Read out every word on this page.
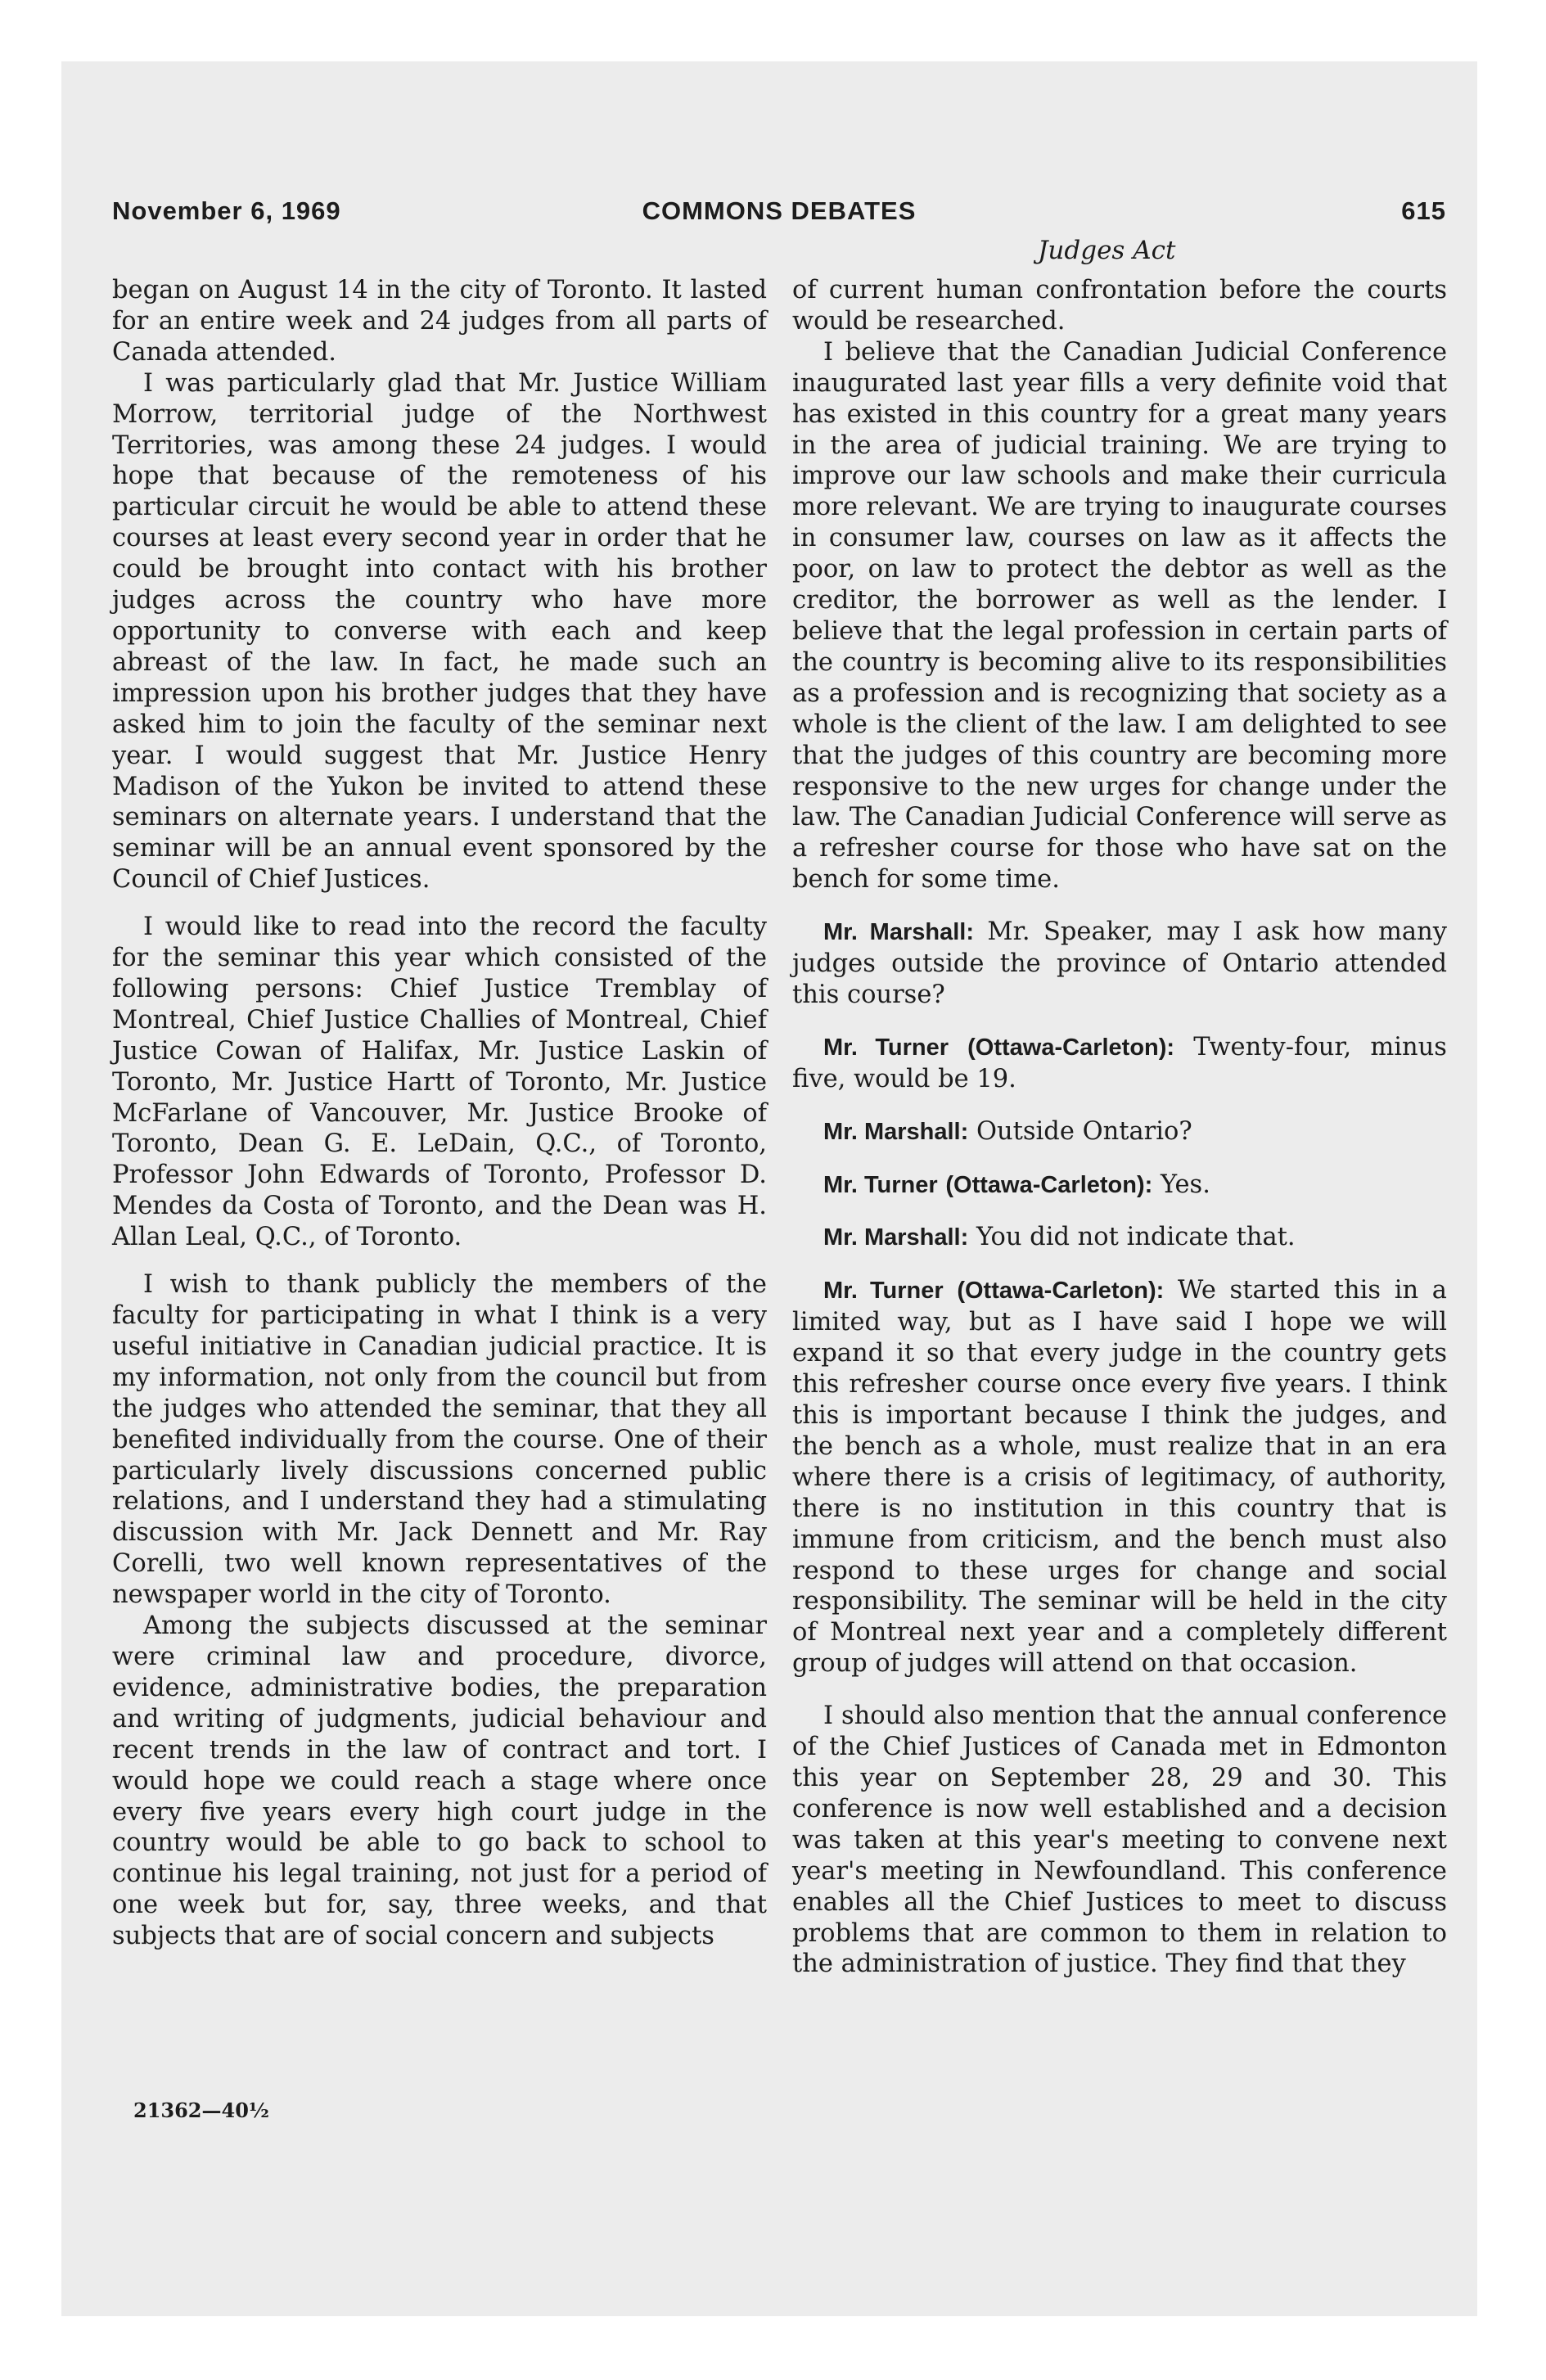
November 6, 1969	COMMONS DEBATES	615
Judges Act

began on August 14 in the city of Toronto. It lasted for an entire week and 24 judges from all parts of Canada attended.

I was particularly glad that Mr. Justice William Morrow, territorial judge of the Northwest Territories, was among these 24 judges. I would hope that because of the remoteness of his particular circuit he would be able to attend these courses at least every second year in order that he could be brought into contact with his brother judges across the country who have more opportunity to converse with each and keep abreast of the law. In fact, he made such an impression upon his brother judges that they have asked him to join the faculty of the seminar next year. I would suggest that Mr. Justice Henry Madison of the Yukon be invited to attend these seminars on alternate years. I understand that the seminar will be an annual event sponsored by the Council of Chief Justices.

I would like to read into the record the faculty for the seminar this year which consisted of the following persons: Chief Justice Tremblay of Montreal, Chief Justice Challies of Montreal, Chief Justice Cowan of Halifax, Mr. Justice Laskin of Toronto, Mr. Justice Hartt of Toronto, Mr. Justice McFarlane of Vancouver, Mr. Justice Brooke of Toronto, Dean G. E. LeDain, Q.C., of Toronto, Professor John Edwards of Toronto, Professor D. Mendes da Costa of Toronto, and the Dean was H. Allan Leal, Q.C., of Toronto.

I wish to thank publicly the members of the faculty for participating in what I think is a very useful initiative in Canadian judicial practice. It is my information, not only from the council but from the judges who attended the seminar, that they all benefited individually from the course. One of their particularly lively discussions concerned public relations, and I understand they had a stimulating discussion with Mr. Jack Dennett and Mr. Ray Corelli, two well known representatives of the newspaper world in the city of Toronto.

Among the subjects discussed at the seminar were criminal law and procedure, divorce, evidence, administrative bodies, the preparation and writing of judgments, judicial behaviour and recent trends in the law of contract and tort. I would hope we could reach a stage where once every five years every high court judge in the country would be able to go back to school to continue his legal training, not just for a period of one week but for, say, three weeks, and that subjects that are of social concern and subjects

21362—40½

of current human confrontation before the courts would be researched.

I believe that the Canadian Judicial Conference inaugurated last year fills a very definite void that has existed in this country for a great many years in the area of judicial training. We are trying to improve our law schools and make their curricula more relevant. We are trying to inaugurate courses in consumer law, courses on law as it affects the poor, on law to protect the debtor as well as the creditor, the borrower as well as the lender. I believe that the legal profession in certain parts of the country is becoming alive to its responsibilities as a profession and is recognizing that society as a whole is the client of the law. I am delighted to see that the judges of this country are becoming more responsive to the new urges for change under the law. The Canadian Judicial Conference will serve as a refresher course for those who have sat on the bench for some time.

Mr. Marshall: Mr. Speaker, may I ask how many judges outside the province of Ontario attended this course?

Mr. Turner (Ottawa-Carleton): Twenty-four, minus five, would be 19.

Mr. Marshall: Outside Ontario?

Mr. Turner (Ottawa-Carleton): Yes.

Mr. Marshall: You did not indicate that.

Mr. Turner (Ottawa-Carleton): We started this in a limited way, but as I have said I hope we will expand it so that every judge in the country gets this refresher course once every five years. I think this is important because I think the judges, and the bench as a whole, must realize that in an era where there is a crisis of legitimacy, of authority, there is no institution in this country that is immune from criticism, and the bench must also respond to these urges for change and social responsibility. The seminar will be held in the city of Montreal next year and a completely different group of judges will attend on that occasion.

I should also mention that the annual conference of the Chief Justices of Canada met in Edmonton this year on September 28, 29 and 30. This conference is now well established and a decision was taken at this year's meeting to convene next year's meeting in Newfoundland. This conference enables all the Chief Justices to meet to discuss problems that are common to them in relation to the administration of justice. They find that they
